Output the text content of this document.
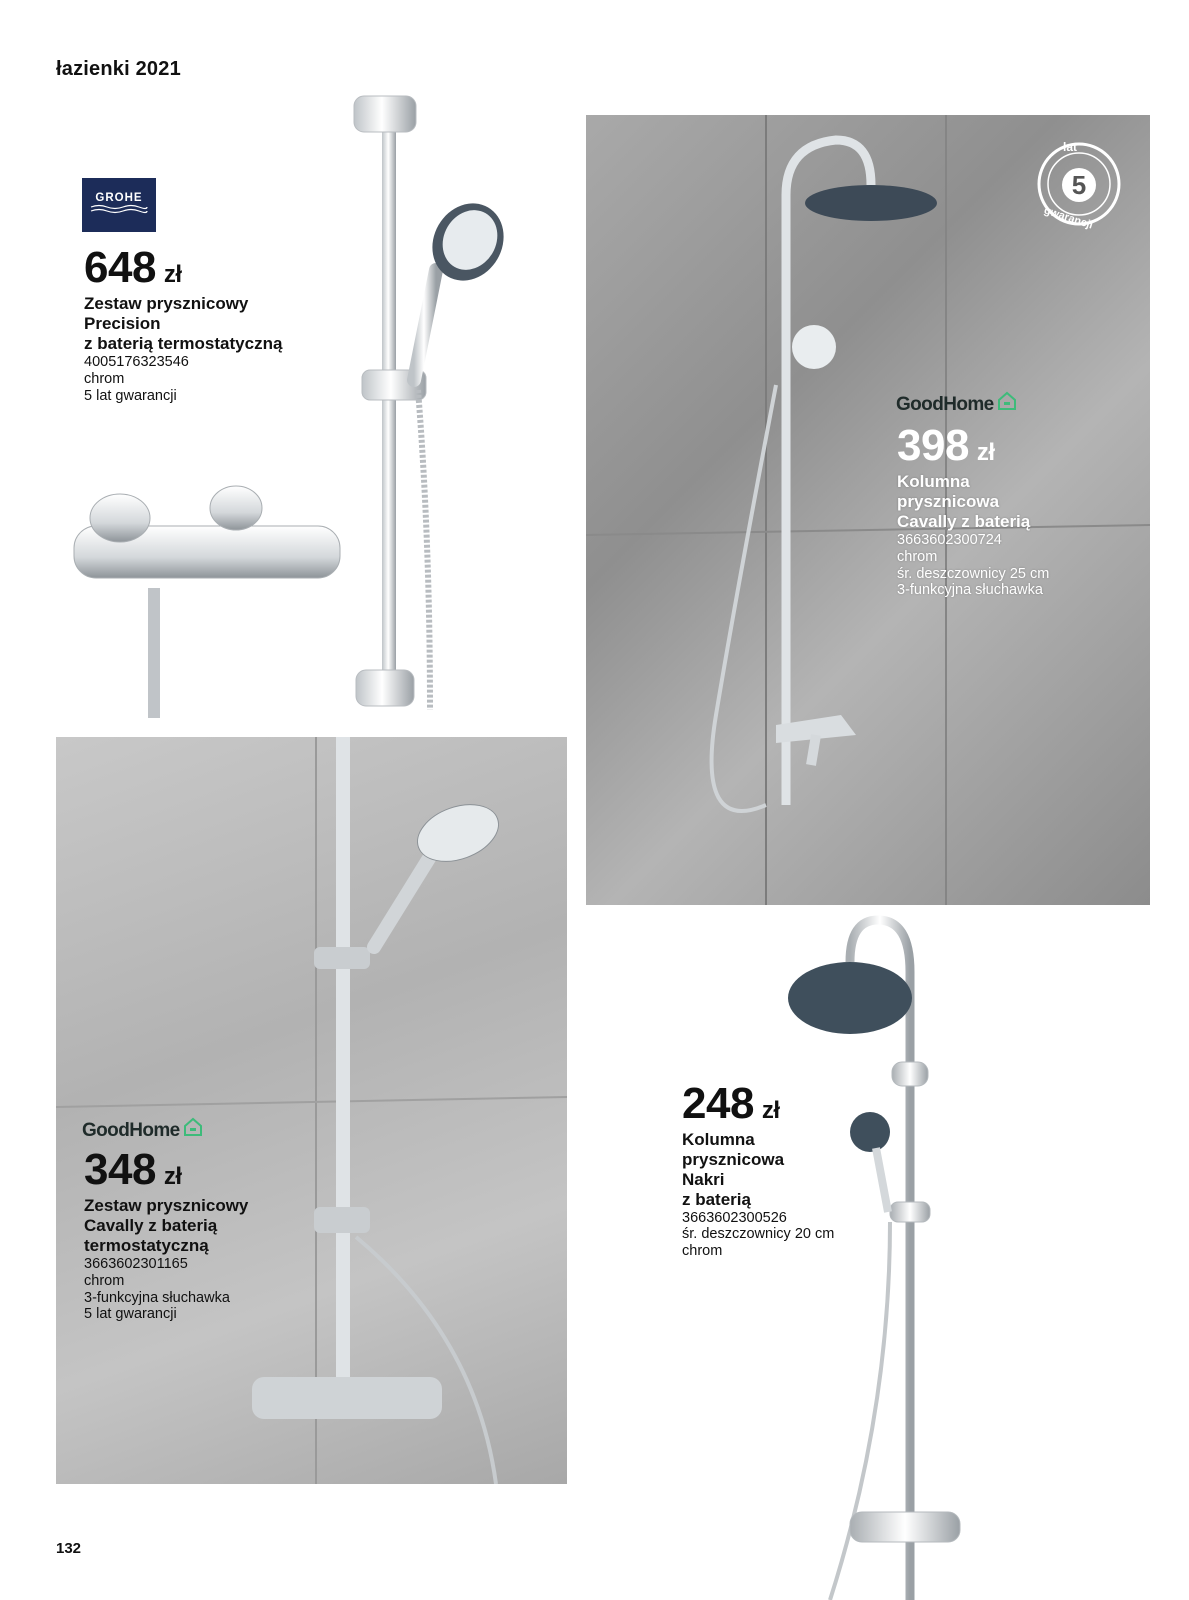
łazienki 2021
GROHE
648 zł
Zestaw prysznicowy
Precision
z baterią termostatyczną
4005176323546
chrom
5 lat gwarancji
lat
5
gwarancji
GoodHome
398 zł
Kolumna
prysznicowa
Cavally z baterią
3663602300724
chrom
śr. deszczownicy 25 cm
3-funkcyjna słuchawka
GoodHome
348 zł
Zestaw prysznicowy
Cavally z baterią
termostatyczną
3663602301165
chrom
3-funkcyjna słuchawka
5 lat gwarancji
248 zł
Kolumna
prysznicowa
Nakri
z baterią
3663602300526
śr. deszczownicy 20 cm
chrom
132
